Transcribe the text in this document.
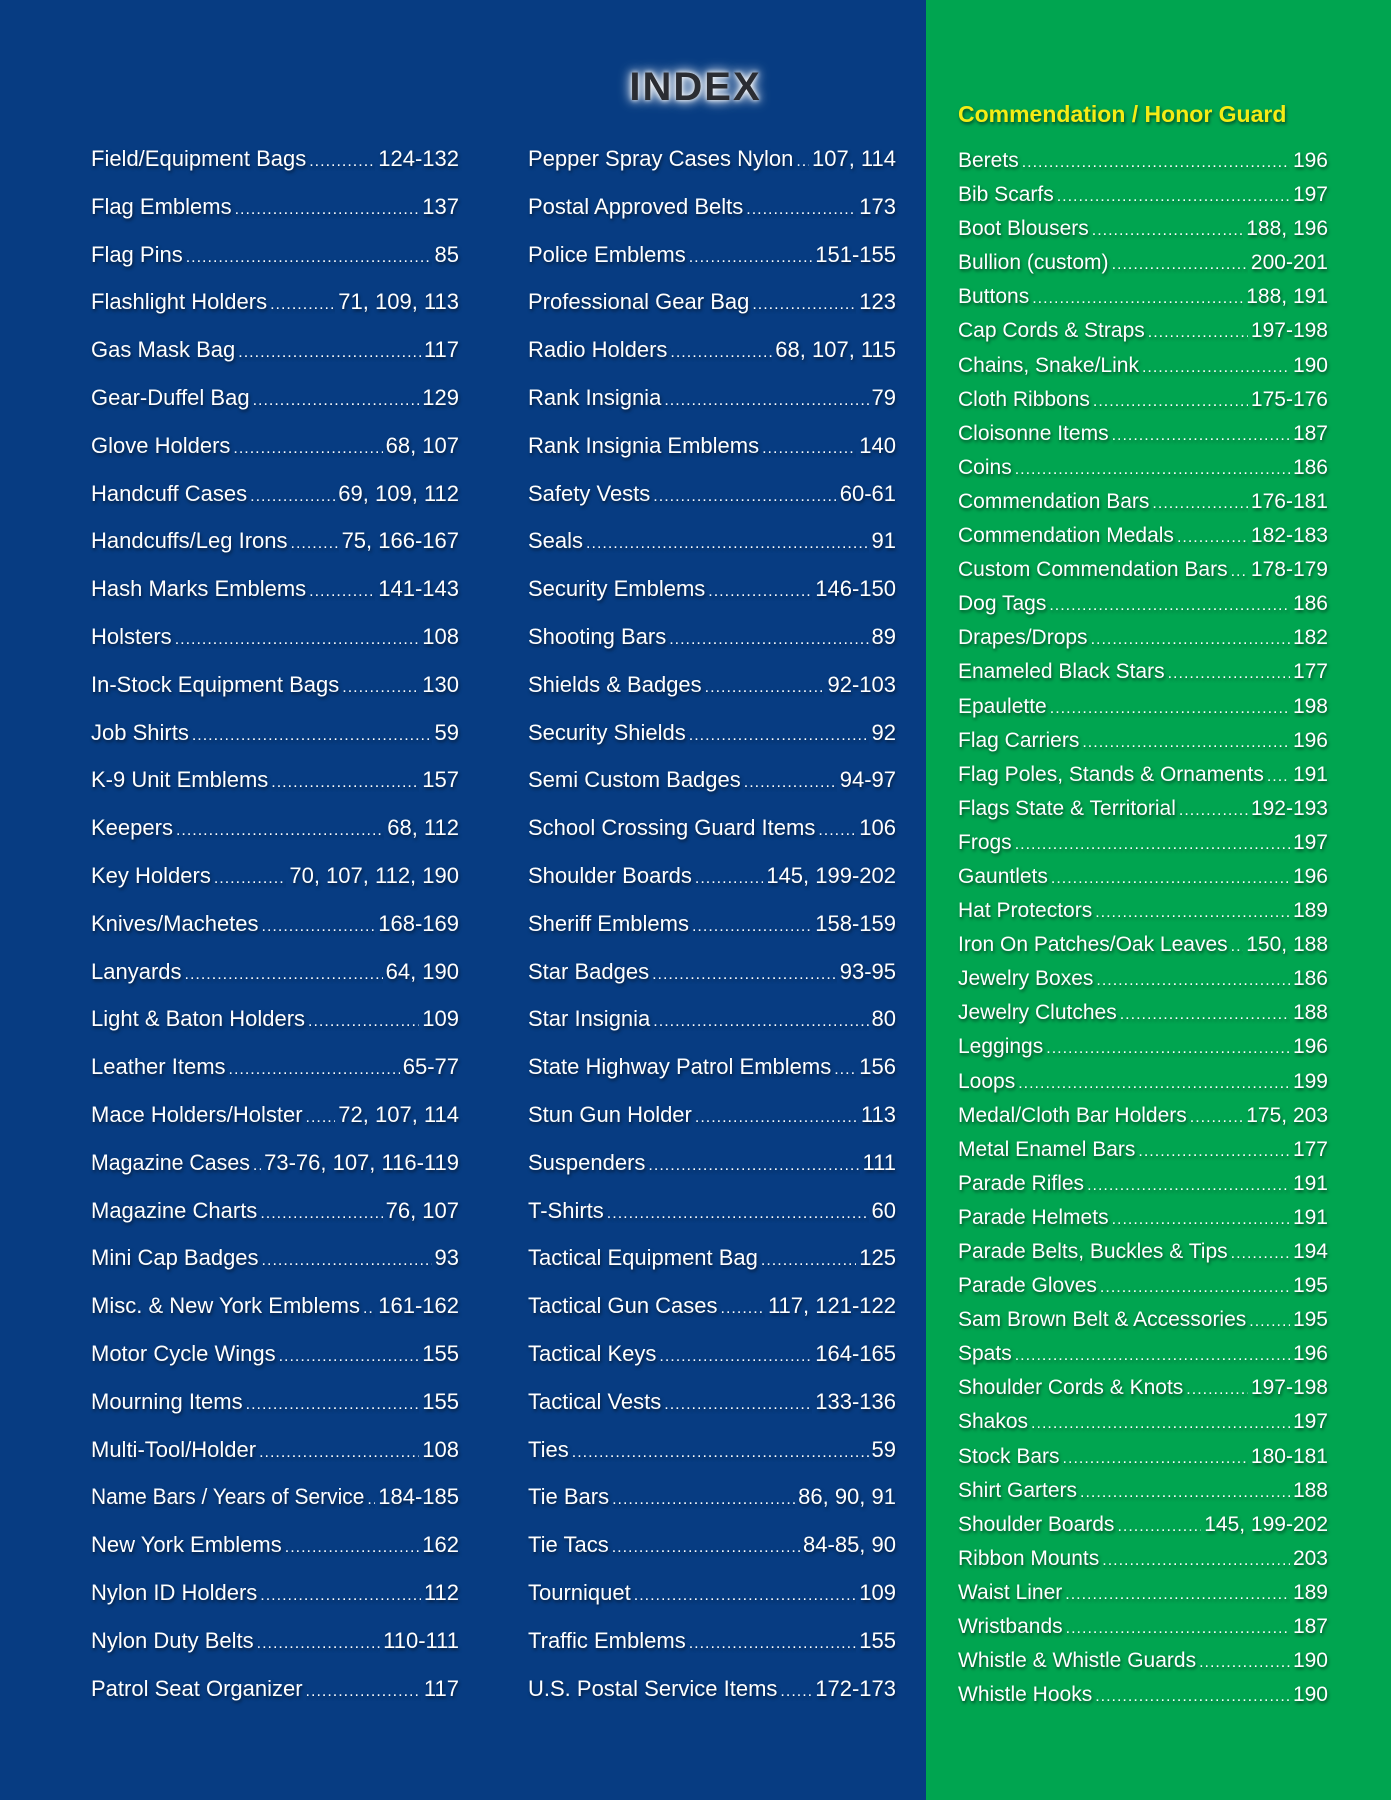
INDEX
Field/Equipment Bags .....	124-132
Flag Emblems .....	137
Flag Pins .....	85
Flashlight Holders .....	71, 109, 113
Gas Mask Bag .....	117
Gear-Duffel Bag .....	129
Glove Holders .....	68, 107
Handcuff Cases .....	69, 109, 112
Handcuffs/Leg Irons ..... 75, 166-167
Hash Marks Emblems .....	141-143
Holsters .....	108
In-Stock Equipment Bags .....	130
Job Shirts .....	59
K-9 Unit Emblems .....	157
Keepers .....	68, 112
Key Holders .....	70, 107, 112, 190
Knives/Machetes .....	168-169
Lanyards .....	64, 190
Light & Baton Holders .....	109
Leather Items .....	65-77
Mace Holders/Holster ..... 72, 107, 114
Magazine Cases ..... 73-76, 107, 116-119
Magazine Charts .....	76, 107
Mini Cap Badges .....	93
Misc. & New York Emblems ..... 161-162
Motor Cycle Wings .....	155
Mourning Items .....	155
Multi-Tool/Holder .....	108
Name Bars / Years of Service ..... 184-185
New York Emblems .....	162
Nylon ID Holders .....	112
Nylon Duty Belts .....	110-111
Patrol Seat Organizer .....	117
Pepper Spray Cases Nylon ..... 107, 114
Postal Approved Belts .....	173
Police Emblems .....	151-155
Professional Gear Bag .....	123
Radio Holders .....	68, 107, 115
Rank Insignia .....	79
Rank Insignia Emblems .....	140
Safety Vests .....	60-61
Seals .....	91
Security Emblems .....	146-150
Shooting Bars .....	89
Shields & Badges .....	92-103
Security Shields .....	92
Semi Custom Badges .....	94-97
School Crossing Guard Items ..... 106
Shoulder Boards .....	145, 199-202
Sheriff Emblems .....	158-159
Star Badges .....	93-95
Star Insignia .....	80
State Highway Patrol Emblems ..... 156
Stun Gun Holder .....	113
Suspenders .....	111
T-Shirts .....	60
Tactical Equipment Bag .....	125
Tactical Gun Cases ..... 117, 121-122
Tactical Keys .....	164-165
Tactical Vests .....	133-136
Ties .....	59
Tie Bars .....	86, 90, 91
Tie Tacs .....	84-85, 90
Tourniquet .....	109
Traffic Emblems .....	155
U.S. Postal Service Items ..... 172-173
Commendation / Honor Guard
Berets .....	196
Bib Scarfs .....	197
Boot Blousers .....	188, 196
Bullion (custom) .....	200-201
Buttons .....	188, 191
Cap Cords & Straps .....	197-198
Chains, Snake/Link .....	190
Cloth Ribbons .....	175-176
Cloisonne Items .....	187
Coins .....	186
Commendation Bars .....	176-181
Commendation Medals .....	182-183
Custom Commendation Bars ..... 178-179
Dog Tags .....	186
Drapes/Drops .....	182
Enameled Black Stars .....	177
Epaulette .....	198
Flag Carriers .....	196
Flag Poles, Stands & Ornaments ..... 191
Flags State & Territorial .....	192-193
Frogs .....	197
Gauntlets .....	196
Hat Protectors .....	189
Iron On Patches/Oak Leaves ..... 150, 188
Jewelry Boxes .....	186
Jewelry Clutches .....	188
Leggings .....	196
Loops .....	199
Medal/Cloth Bar Holders .....	175, 203
Metal Enamel Bars .....	177
Parade Rifles .....	191
Parade Helmets .....	191
Parade Belts, Buckles & Tips .....	194
Parade Gloves .....	195
Sam Brown Belt & Accessories ..... 195
Spats .....	196
Shoulder Cords & Knots .....	197-198
Shakos .....	197
Stock Bars .....	180-181
Shirt Garters .....	188
Shoulder Boards .....	145, 199-202
Ribbon Mounts .....	203
Waist Liner .....	189
Wristbands .....	187
Whistle & Whistle Guards .....	190
Whistle Hooks .....	190
